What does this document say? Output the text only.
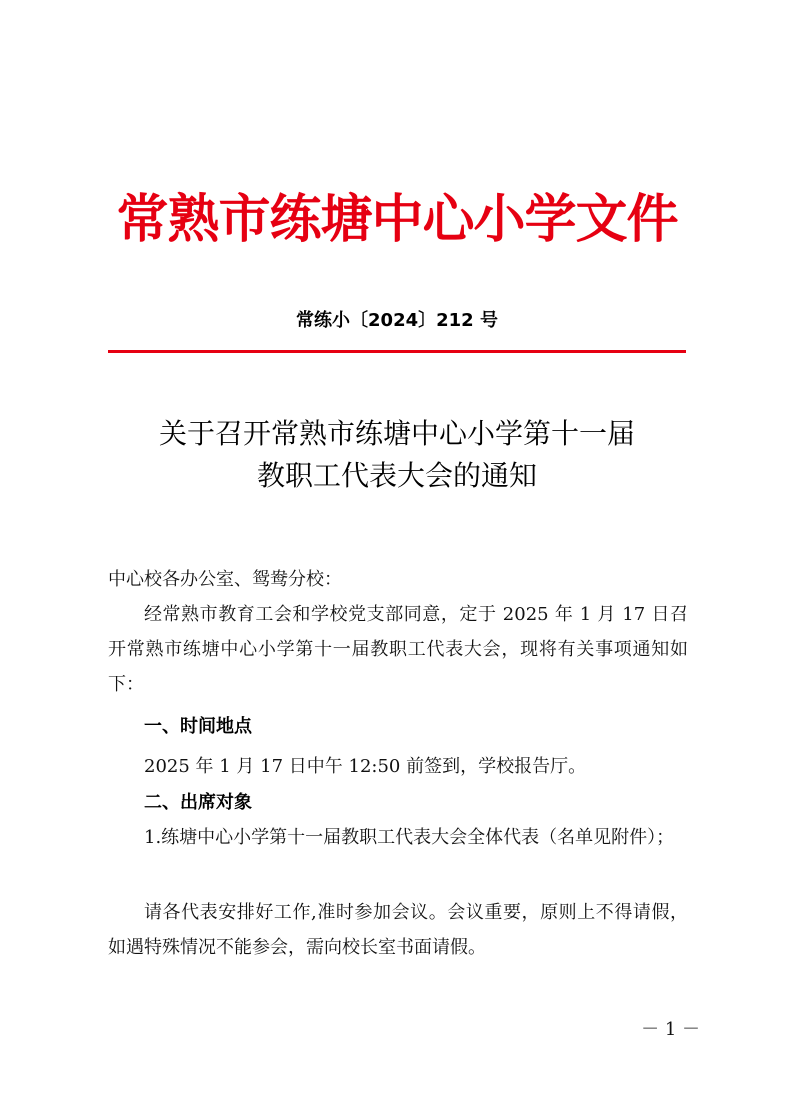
常熟市练塘中心小学文件
常练小〔2024〕212 号
关于召开常熟市练塘中心小学第十一届
教职工代表大会的通知
中心校各办公室、鸳鸯分校：
经常熟市教育工会和学校党支部同意，定于 2025 年 1 月 17 日召开常熟市练塘中心小学第十一届教职工代表大会，现将有关事项通知如下：
一、时间地点
2025 年 1 月 17 日中午 12:50 前签到，学校报告厅。
二、出席对象
1.练塘中心小学第十一届教职工代表大会全体代表（名单见附件）；
请各代表安排好工作,准时参加会议。会议重要，原则上不得请假，如遇特殊情况不能参会，需向校长室书面请假。
－ 1 －
